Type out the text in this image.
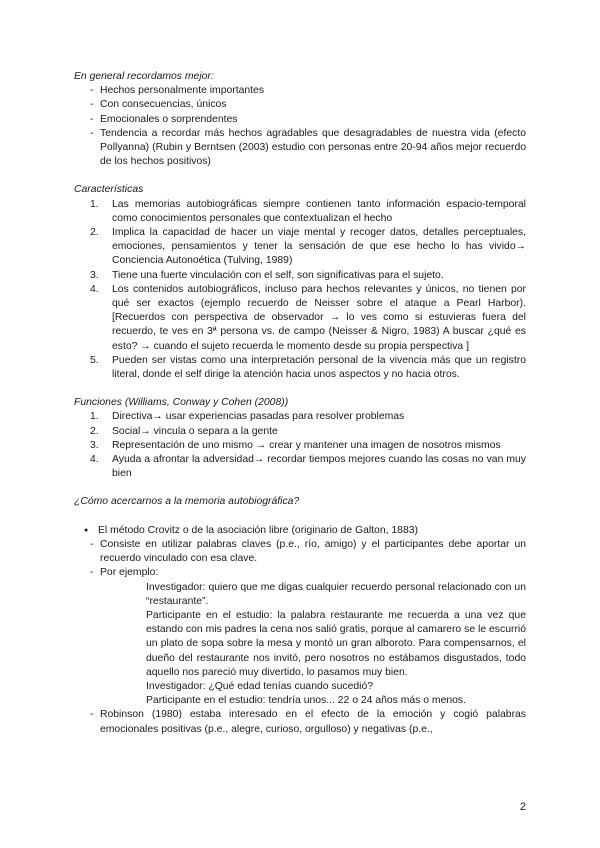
En general recordamos mejor:

- Hechos personalmente importantes
- Con consecuencias, únicos
- Emocionales o sorprendentes
- Tendencia a recordar más hechos agradables que desagradables de nuestra vida (efecto Pollyanna) (Rubin y Berntsen (2003) estudio con personas entre 20-94 años mejor recuerdo de los hechos positivos)

Características

1.	Las memorias autobiográficas siempre contienen tanto información espacio-temporal como conocimientos personales que contextualizan el hecho
2.	Implica la capacidad de hacer un viaje mental y recoger datos, detalles perceptuales, emociones, pensamientos y tener la sensación de que ese hecho lo has vivido→ Conciencia Autonoética (Tulving, 1989)
3.	Tiene una fuerte vinculación con el self, son significativas para el sujeto.
4.	Los contenidos autobiográficos, incluso para hechos relevantes y únicos, no tienen por qué ser exactos (ejemplo recuerdo de Neisser sobre el ataque a Pearl Harbor). [Recuerdos con perspectiva de observador → lo ves como si estuvieras fuera del recuerdo, te ves en 3ª persona vs. de campo (Neisser & Nigro, 1983) A buscar ¿qué es esto? → cuando el sujeto recuerda le momento desde su propia perspectiva ]
5.	Pueden ser vistas como una interpretación personal de la vivencia más que un registro literal, donde el self dirige la atención hacia unos aspectos y no hacia otros.

Funciones (Williams, Conway y Cohen (2008))

1.	Directiva→ usar experiencias pasadas para resolver problemas
2.	Social→ vincula o separa a la gente
3.	Representación de uno mismo → crear y mantener una imagen de nosotros mismos
4.	Ayuda a afrontar la adversidad→ recordar tiempos mejores cuando las cosas no van muy bien

¿Cómo acercarnos a la memoria autobiográfica?

● El método Crovitz o de la asociación libre (originario de Galton, 1883)
- Consiste en utilizar palabras claves (p.e., río, amigo) y el participantes debe aportar un recuerdo vinculado con esa clave.
- Por ejemplo:

Investigador: quiero que me digas cualquier recuerdo personal relacionado con un “restaurante”.

Participante en el estudio: la palabra restaurante me recuerda a una vez que estando con mis padres la cena nos salió gratis, porque al camarero se le escurrió un plato de sopa sobre la mesa y montó un gran alboroto. Para compensarnos, el dueño del restaurante nos invitó, pero nosotros no estábamos disgustados, todo aquello nos pareció muy divertido, lo pasamos muy bien.

Investigador: ¿Qué edad tenías cuando sucedió?

Participante en el estudio: tendría unos... 22 o 24 años más o menos.

- Robinson (1980) estaba interesado en el efecto de la emoción y cogió palabras emocionales positivas (p.e., alegre, curioso, orgulloso) y negativas (p.e.,
2
